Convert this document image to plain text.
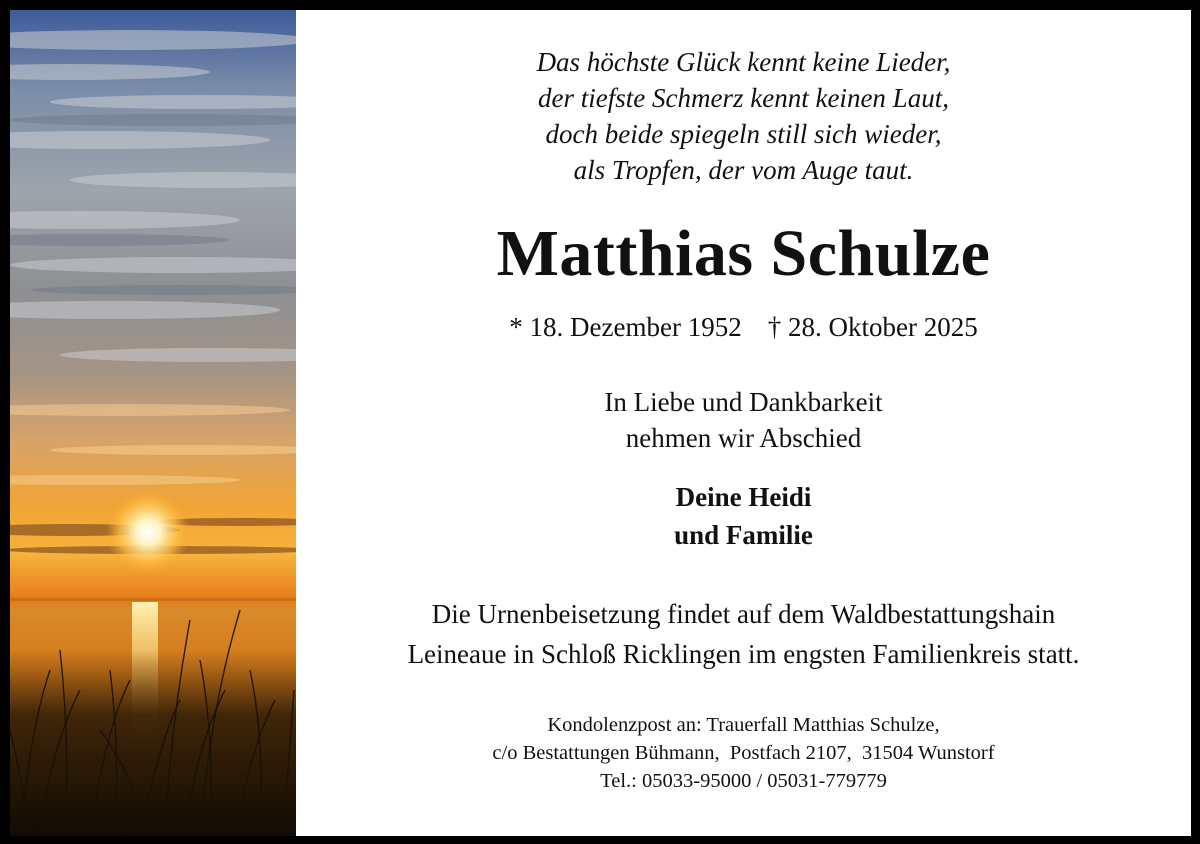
Das höchste Glück kennt keine Lieder,
der tiefste Schmerz kennt keinen Laut,
doch beide spiegeln still sich wieder,
als Tropfen, der vom Auge taut.
Matthias Schulze
* 18. Dezember 1952 † 28. Oktober 2025
In Liebe und Dankbarkeit
nehmen wir Abschied
Deine Heidi
und Familie
Die Urnenbeisetzung findet auf dem Waldbestattungshain
Leineaue in Schloß Ricklingen im engsten Familienkreis statt.
Kondolenzpost an: Trauerfall Matthias Schulze,
c/o Bestattungen Bühmann,  Postfach 2107,  31504 Wunstorf
Tel.: 05033-95000 / 05031-779779
